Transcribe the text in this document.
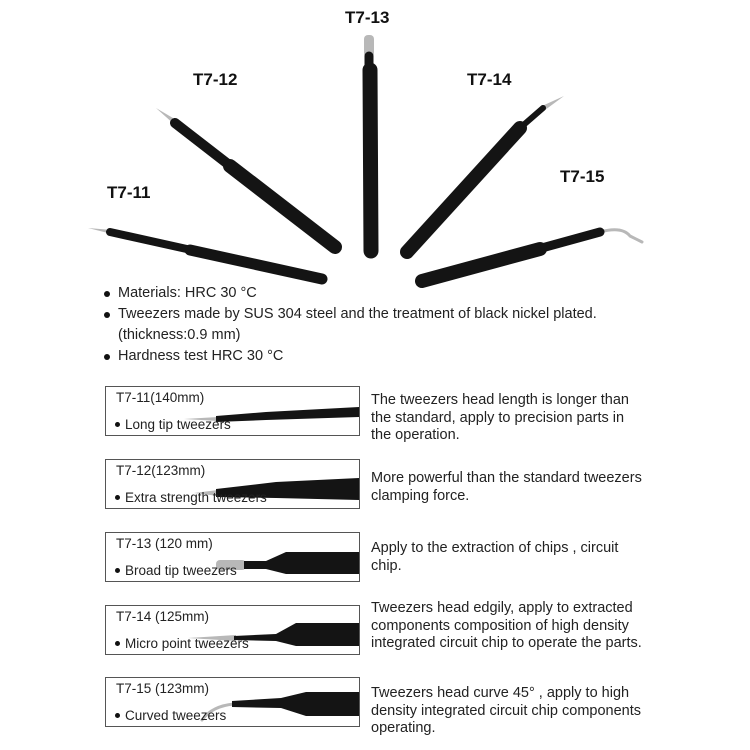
T7-13
T7-12	T7-14
T7-11
T7-15
Materials: HRC 30 °C
Tweezers made by SUS 304 steel and the treatment of black nickel plated.
(thickness:0.9 mm)
Hardness test HRC 30 °C
T7-11(140mm)
Long tip tweezers
The tweezers head length is longer than the standard, apply to precision parts in the operation.
T7-12(123mm)
Extra strength tweezers
More powerful than the standard tweezers clamping force.
T7-13 (120 mm)
Broad tip tweezers
Apply to the extraction of chips , circuit chip.
T7-14 (125mm)
Micro point tweezers
Tweezers head edgily, apply to extracted components composition of high density integrated circuit chip to operate the parts.
T7-15 (123mm)
Curved tweezers
Tweezers head curve 45° , apply to high density integrated circuit chip components operating.
